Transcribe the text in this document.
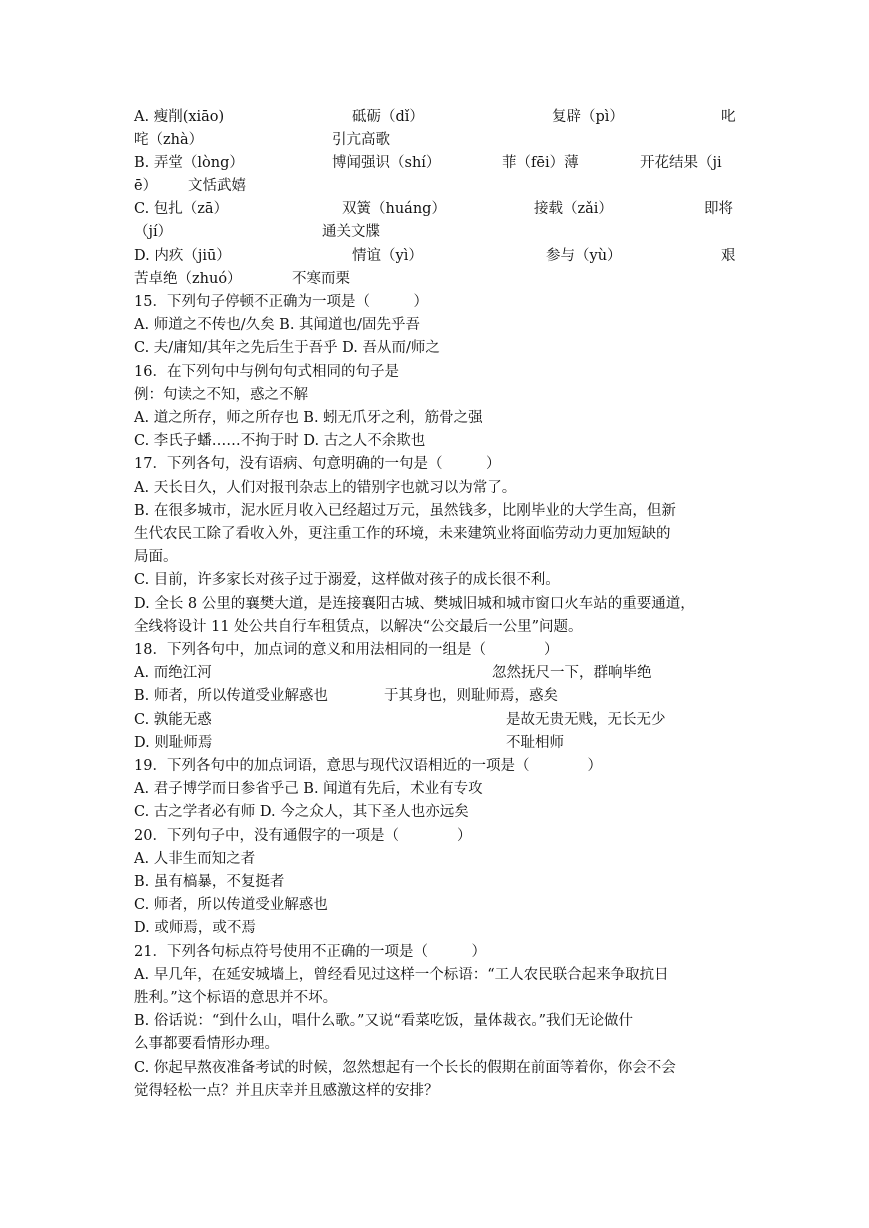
A. 瘦削(xiāo)	砥砺（dǐ）	复辟（pì）	叱
咤（zhà）	引亢高歌
B. 弄堂（lòng）	博闻强识（shí）	菲（fēi）薄	开花结果（ji
ē） 文恬武嬉
C. 包扎（zā）	双簧（huáng）	接载（zǎi）	即将
（jí）	通关文牒
D. 内疚（jiū）	情谊（yì）	参与（yù）	艰
苦卓绝（zhuó）	不寒而栗
15．下列句子停顿不正确为一项是（　　　）
A. 师道之不传也/久矣 B. 其闻道也/固先乎吾
C. 夫/庸知/其年之先后生于吾乎 D. 吾从而/师之
16．在下列句中与例句句式相同的句子是
例：句读之不知，惑之不解
A. 道之所存，师之所存也 B. 蚓无爪牙之利，筋骨之强
C. 李氏子蟠……不拘于时 D. 古之人不余欺也
17．下列各句，没有语病、句意明确的一句是（　　　）
A. 天长日久，人们对报刊杂志上的错别字也就习以为常了。
B. 在很多城市，泥水匠月收入已经超过万元，虽然钱多，比刚毕业的大学生高，但新
生代农民工除了看收入外，更注重工作的环境，未来建筑业将面临劳动力更加短缺的
局面。
C. 目前，许多家长对孩子过于溺爱，这样做对孩子的成长很不利。
D. 全长 8 公里的襄樊大道，是连接襄阳古城、樊城旧城和城市窗口火车站的重要通道，
全线将设计 11 处公共自行车租赁点，以解决“公交最后一公里”问题。
18．下列各句中，加点词的意义和用法相同的一组是（　　　　）
A. 而绝江河	忽然抚尺一下，群响毕绝
B. 师者，所以传道受业解惑也	于其身也，则耻师焉，惑矣
C. 孰能无惑	是故无贵无贱，无长无少
D. 则耻师焉	不耻相师
19．下列各句中的加点词语，意思与现代汉语相近的一项是（　　　　）
A. 君子博学而日参省乎己 B. 闻道有先后，术业有专攻
C. 古之学者必有师 D. 今之众人，其下圣人也亦远矣
20．下列句子中，没有通假字的一项是（　　　　）
A. 人非生而知之者
B. 虽有槁暴，不复挺者
C. 师者，所以传道受业解惑也
D. 或师焉，或不焉
21．下列各句标点符号使用不正确的一项是（　　　）
A. 早几年，在延安城墙上，曾经看见过这样一个标语：“工人农民联合起来争取抗日
胜利。”这个标语的意思并不坏。
B. 俗话说：“到什么山，唱什么歌。”又说“看菜吃饭，量体裁衣。”我们无论做什
么事都要看情形办理。
C. 你起早熬夜准备考试的时候，忽然想起有一个长长的假期在前面等着你，你会不会
觉得轻松一点？并且庆幸并且感激这样的安排？
